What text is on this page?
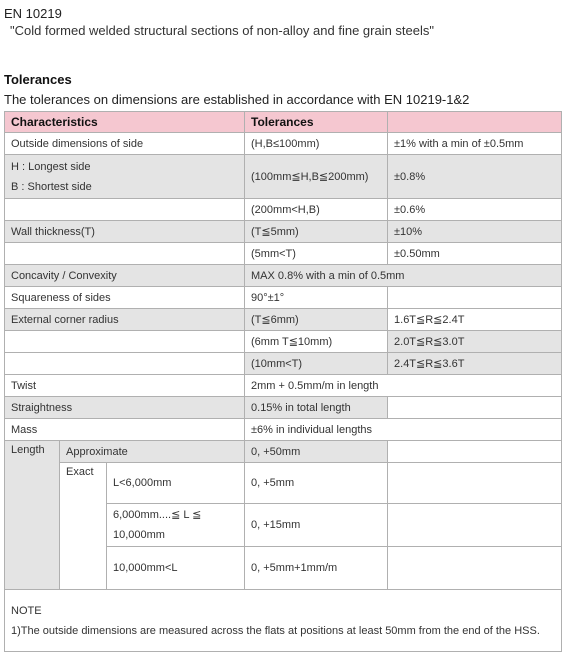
EN 10219
"Cold formed welded structural sections of non-alloy and fine grain steels"
Tolerances
The tolerances on dimensions are established in accordance with EN 10219-1&2
Characteristics			Tolerances	
Outside dimensions of side			(H,B≤100mm)	±1% with a min of ±0.5mm

H : Longest side
B : Shortest side			(100mm≦H,B≦200mm)	±0.8%
			(200mm<H,B)	±0.6%
Wall thickness(T)			(T≦5mm)	±10%
			(5mm<T)	±0.50mm
Concavity / Convexity			MAX 0.8% with a min of 0.5mm	
Squareness of sides			90°±1°	
External corner radius			(T≦6mm)	1.6T≦R≦2.4T
			(6mm T≦10mm)	2.0T≦R≦3.0T
			(10mm<T)	2.4T≦R≦3.6T
Twist			2mm + 0.5mm/m in length	
Straightness			0.15% in total length	
Mass			±6% in individual lengths	
Length	Approximate		0, +50mm	
	Exact	L<6,000mm	0, +5mm	

		6,000mm....≦ L ≦
10,000mm	0, +15mm	
		10,000mm<L	0, +5mm+1mm/m	

NOTE
1)The outside dimensions are measured across the flats at positions at least 50mm from the end of the HSS.				
